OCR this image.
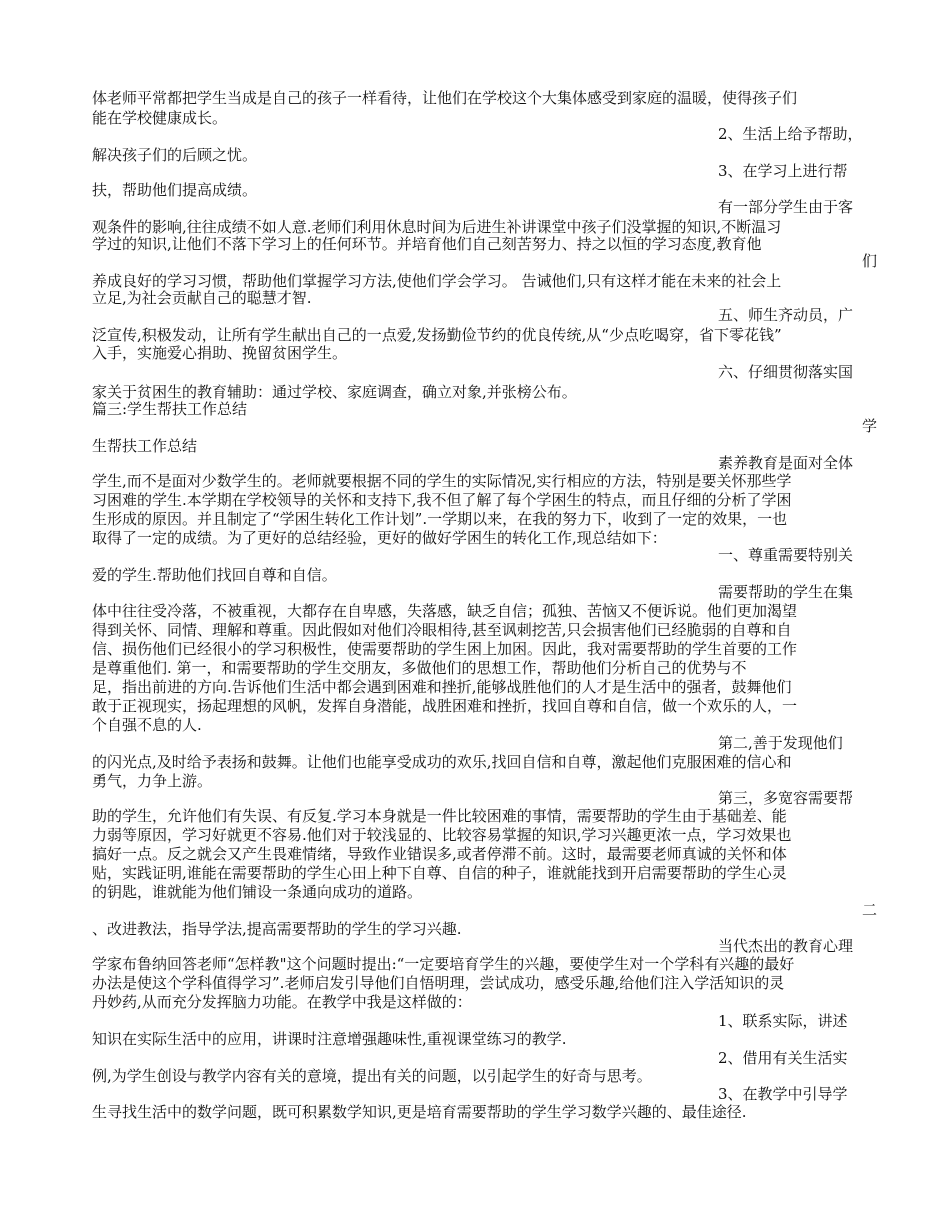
体老师平常都把学生当成是自己的孩子一样看待，让他们在学校这个大集体感受到家庭的温暖，使得孩子们
能在学校健康成长。
2、生活上给予帮助，
解决孩子们的后顾之忧。
3、在学习上进行帮
扶，帮助他们提高成绩。
有一部分学生由于客
观条件的影响,往往成绩不如人意.老师们利用休息时间为后进生补讲课堂中孩子们没掌握的知识,不断温习
学过的知识,让他们不落下学习上的任何环节。并培育他们自己刻苦努力、持之以恒的学习态度,教育他
们
养成良好的学习习惯，帮助他们掌握学习方法,使他们学会学习。 告诫他们,只有这样才能在未来的社会上
立足,为社会贡献自己的聪慧才智.
五、师生齐动员，广
泛宣传,积极发动，让所有学生献出自己的一点爱,发扬勤俭节约的优良传统,从“少点吃喝穿，省下零花钱”
入手，实施爱心捐助、挽留贫困学生。
六、仔细贯彻落实国
家关于贫困生的教育辅助：通过学校、家庭调查，确立对象,并张榜公布。
篇三:学生帮扶工作总结
学
生帮扶工作总结
素养教育是面对全体
学生,而不是面对少数学生的。老师就要根据不同的学生的实际情况,实行相应的方法，特别是要关怀那些学
习困难的学生.本学期在学校领导的关怀和支持下,我不但了解了每个学困生的特点，而且仔细的分析了学困
生形成的原因。并且制定了“学困生转化工作计划”.一学期以来，在我的努力下，收到了一定的效果，一也
取得了一定的成绩。为了更好的总结经验，更好的做好学困生的转化工作,现总结如下：
一、尊重需要特别关
爱的学生.帮助他们找回自尊和自信。
需要帮助的学生在集
体中往往受冷落，不被重视，大都存在自卑感，失落感，缺乏自信；孤独、苦恼又不便诉说。他们更加渴望
得到关怀、同情、理解和尊重。因此假如对他们冷眼相待,甚至讽刺挖苦,只会损害他们已经脆弱的自尊和自
信、损伤他们已经很小的学习积极性，使需要帮助的学生困上加困。因此，我对需要帮助的学生首要的工作
是尊重他们. 第一，和需要帮助的学生交朋友，多做他们的思想工作，帮助他们分析自己的优势与不
足，指出前进的方向.告诉他们生活中都会遇到困难和挫折,能够战胜他们的人才是生活中的强者，鼓舞他们
敢于正视现实，扬起理想的风帆，发挥自身潜能，战胜困难和挫折，找回自尊和自信，做一个欢乐的人，一
个自强不息的人.
第二,善于发现他们
的闪光点,及时给予表扬和鼓舞。让他们也能享受成功的欢乐,找回自信和自尊，激起他们克服困难的信心和
勇气，力争上游。
第三，多宽容需要帮
助的学生，允许他们有失误、有反复.学习本身就是一件比较困难的事情，需要帮助的学生由于基础差、能
力弱等原因，学习好就更不容易.他们对于较浅显的、比较容易掌握的知识,学习兴趣更浓一点，学习效果也
搞好一点。反之就会又产生畏难情绪，导致作业错误多,或者停滞不前。这时，最需要老师真诚的关怀和体
贴，实践证明,谁能在需要帮助的学生心田上种下自尊、自信的种子，谁就能找到开启需要帮助的学生心灵
的钥匙，谁就能为他们铺设一条通向成功的道路。
二
、改进教法，指导学法,提高需要帮助的学生的学习兴趣.
当代杰出的教育心理
学家布鲁纳回答老师“怎样教"这个问题时提出:“一定要培育学生的兴趣，要使学生对一个学科有兴趣的最好
办法是使这个学科值得学习”.老师启发引导他们自悟明理，尝试成功，感受乐趣,给他们注入学活知识的灵
丹妙药,从而充分发挥脑力功能。在教学中我是这样做的：
1、联系实际，讲述
知识在实际生活中的应用，讲课时注意增强趣味性,重视课堂练习的教学.
2、借用有关生活实
例,为学生创设与教学内容有关的意境，提出有关的问题，以引起学生的好奇与思考。
3、在教学中引导学
生寻找生活中的数学问题，既可积累数学知识,更是培育需要帮助的学生学习数学兴趣的、最佳途径.
